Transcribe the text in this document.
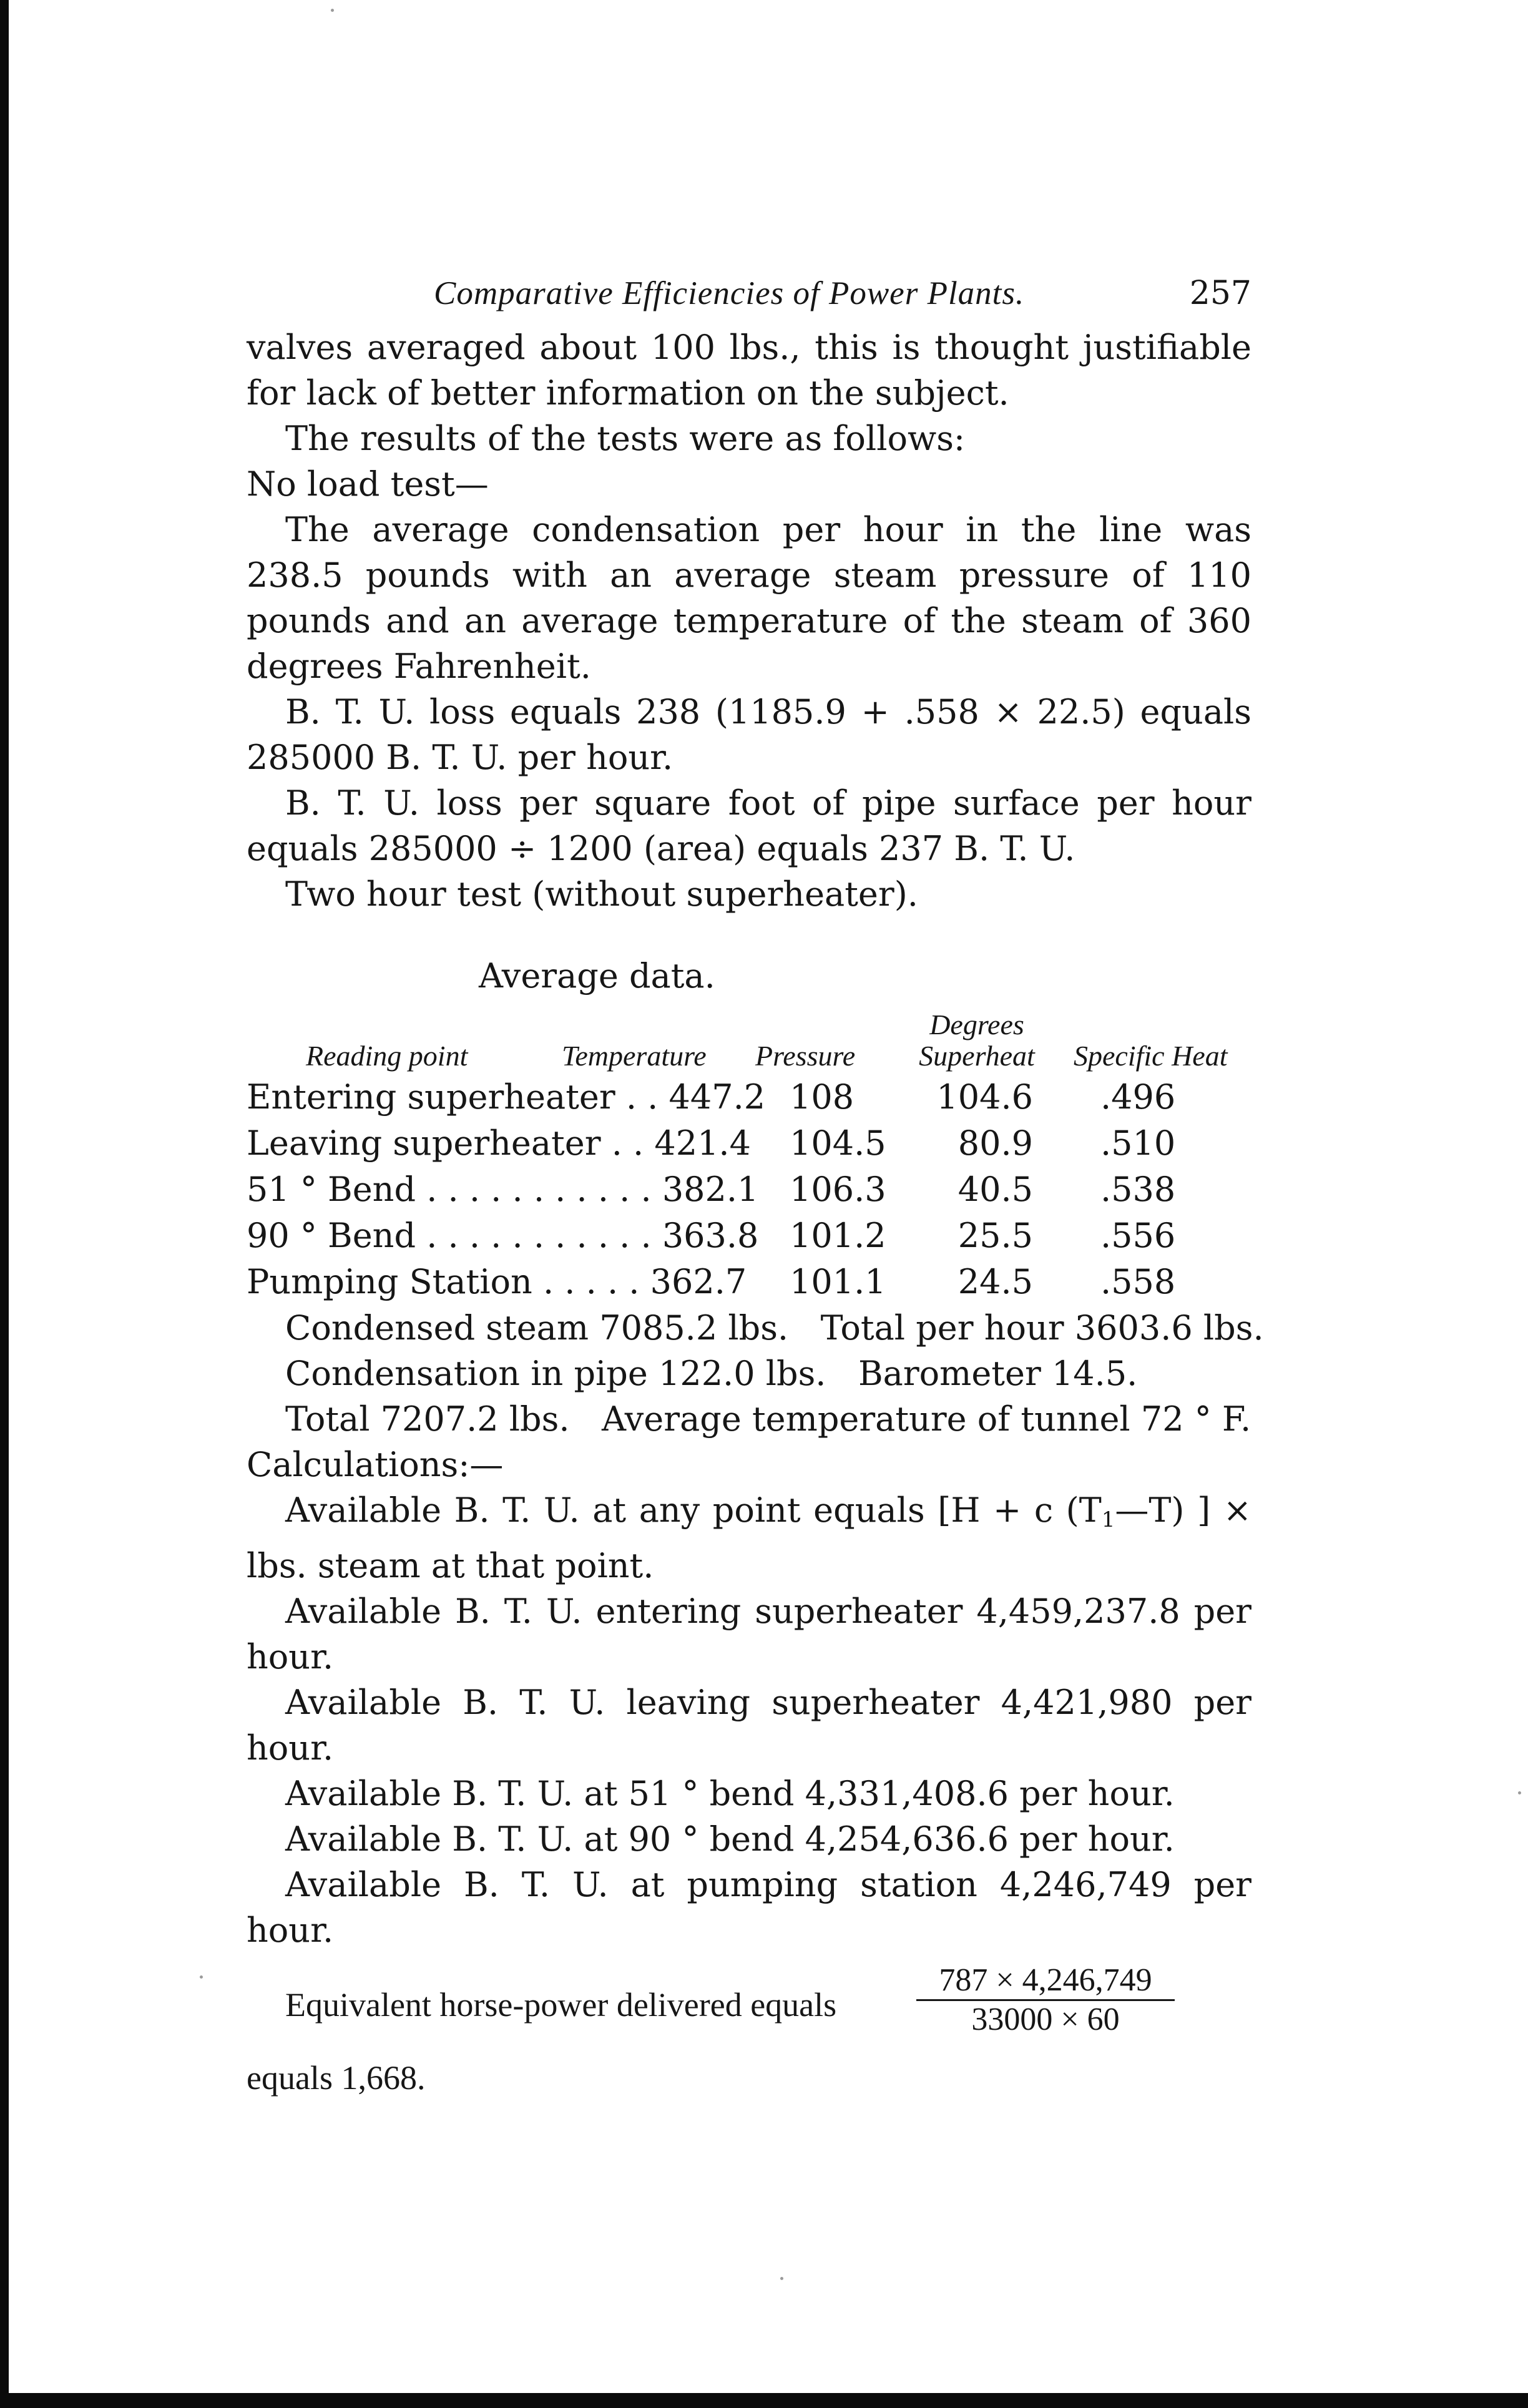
Comparative Efficiencies of Power Plants.	257

valves averaged about 100 lbs., this is thought justifiable for lack of better information on the subject.

The results of the tests were as follows:

No load test—

The average condensation per hour in the line was 238.5 pounds with an average steam pressure of 110 pounds and an average temperature of the steam of 360 degrees Fahrenheit.

B. T. U. loss equals 238 (1185.9 + .558 × 22.5) equals 285000 B. T. U. per hour.

B. T. U. loss per square foot of pipe surface per hour equals 285000 ÷ 1200 (area) equals 237 B. T. U.

Two hour test (without superheater).

Average data.
Reading point	Temperature Pressure
Degrees
Superheat	Specific Heat
Entering superheater . . 447.2 108	104.6 .496
Leaving superheater . . 421.4 104.5	80.9 .510
51 ° Bend . . . . . . . . . . . 382.1 106.3	40.5 .538
90 ° Bend . . . . . . . . . . . 363.8 101.2	25.5 .556
Pumping Station . . . . . 362.7 101.1	24.5 .558

Condensed steam 7085.2 lbs.   Total per hour 3603.6 lbs.

Condensation in pipe 122.0 lbs.   Barometer 14.5.

Total 7207.2 lbs.   Average temperature of tunnel 72 ° F.

Calculations:—

Available B. T. U. at any point equals [H + c $(T_1—T)$ ] × lbs. steam at that point.

Available B. T. U. entering superheater 4,459,237.8 per hour.

Available B. T. U. leaving superheater 4,421,980 per hour.

Available B. T. U. at 51 ° bend 4,331,408.6 per hour.

Available B. T. U. at 90 ° bend 4,254,636.6 per hour.

Available B. T. U. at pumping station 4,246,749 per hour.

Equivalent horse-power delivered equals
787 × 4,246,749
33000 × 60
equals 1,668.
